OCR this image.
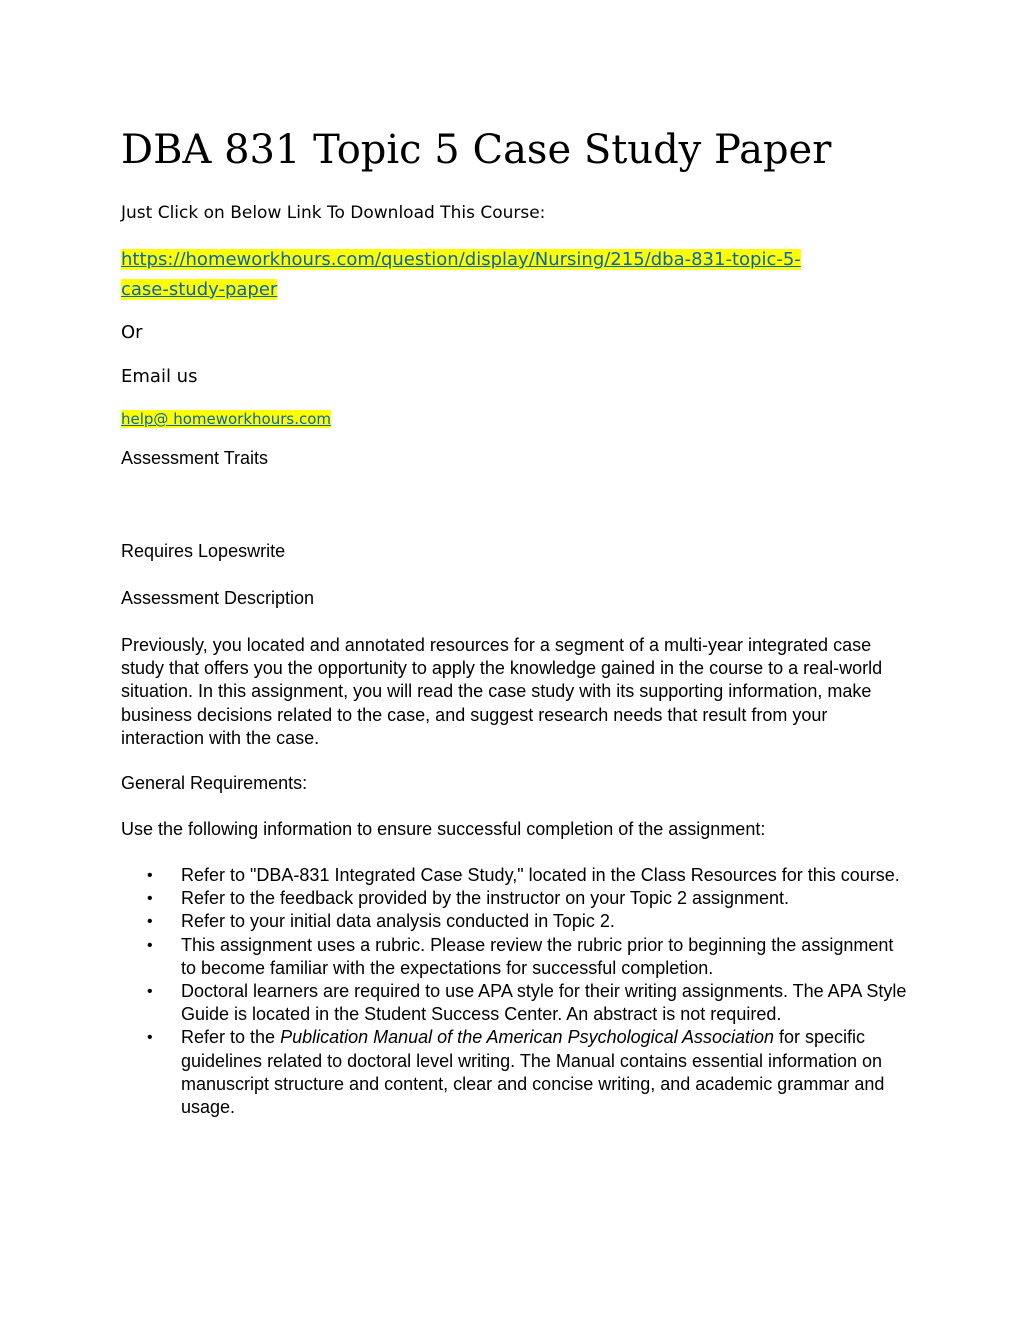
DBA 831 Topic 5 Case Study Paper
Just Click on Below Link To Download This Course:
https://homeworkhours.com/question/display/Nursing/215/dba-831-topic-5-
case-study-paper
Or
Email us
help@ homeworkhours.com
Assessment Traits
Requires Lopeswrite
Assessment Description

Previously, you located and annotated resources for a segment of a multi-year integrated case study that offers you the opportunity to apply the knowledge gained in the course to a real-world situation. In this assignment, you will read the case study with its supporting information, make business decisions related to the case, and suggest research needs that result from your interaction with the case.

General Requirements:
Use the following information to ensure successful completion of the assignment:
• Refer to "DBA-831 Integrated Case Study," located in the Class Resources for this course.
• Refer to the feedback provided by the instructor on your Topic 2 assignment.
• Refer to your initial data analysis conducted in Topic 2.
• This assignment uses a rubric. Please review the rubric prior to beginning the assignment to become familiar with the expectations for successful completion.
• Doctoral learners are required to use APA style for their writing assignments. The APA Style Guide is located in the Student Success Center. An abstract is not required.
• Refer to the Publication Manual of the American Psychological Association for specific guidelines related to doctoral level writing. The Manual contains essential information on manuscript structure and content, clear and concise writing, and academic grammar and usage.
